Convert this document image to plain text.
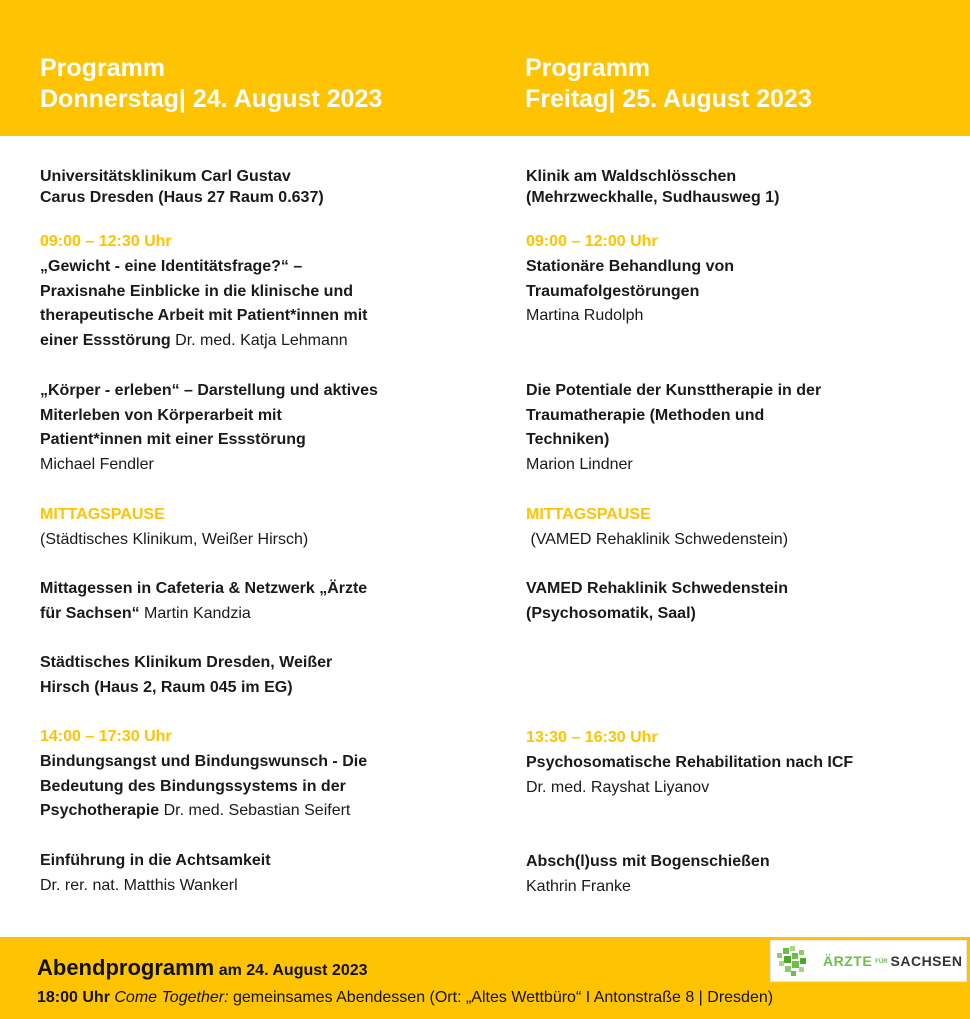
Programm
Donnerstag| 24. August 2023
Programm
Freitag| 25. August 2023
Universitätsklinikum Carl Gustav
Carus Dresden (Haus 27 Raum 0.637)
09:00 – 12:30 Uhr
„Gewicht - eine Identitätsfrage?“ –
Praxisnahe Einblicke in die klinische und
therapeutische Arbeit mit Patient*innen mit
einer Essstörung Dr. med. Katja Lehmann
„Körper - erleben“ – Darstellung und aktives
Miterleben von Körperarbeit mit
Patient*innen mit einer Essstörung
Michael Fendler
MITTAGSPAUSE
(Städtisches Klinikum, Weißer Hirsch)
Mittagessen in Cafeteria & Netzwerk „Ärzte
für Sachsen“ Martin Kandzia
Städtisches Klinikum Dresden, Weißer
Hirsch (Haus 2, Raum 045 im EG)
14:00 – 17:30 Uhr
Bindungsangst und Bindungswunsch - Die
Bedeutung des Bindungssystems in der
Psychotherapie Dr. med. Sebastian Seifert
Einführung in die Achtsamkeit
Dr. rer. nat. Matthis Wankerl
Klinik am Waldschlösschen
(Mehrzweckhalle, Sudhausweg 1)
09:00 – 12:00 Uhr
Stationäre Behandlung von
Traumafolgestörungen
Martina Rudolph
Die Potentiale der Kunsttherapie in der
Traumatherapie (Methoden und
Techniken)
Marion Lindner
MITTAGSPAUSE
(VAMED Rehaklinik Schwedenstein)
VAMED Rehaklinik Schwedenstein
(Psychosomatik, Saal)
13:30 – 16:30 Uhr
Psychosomatische Rehabilitation nach ICF
Dr. med. Rayshat Liyanov
Absch(l)uss mit Bogenschießen
Kathrin Franke
Abendprogramm am 24. August 2023
18:00 Uhr Come Together: gemeinsames Abendessen (Ort: „Altes Wettbüro“ I Antonstraße 8 | Dresden)
ÄRZTE FÜR SACHSEN
